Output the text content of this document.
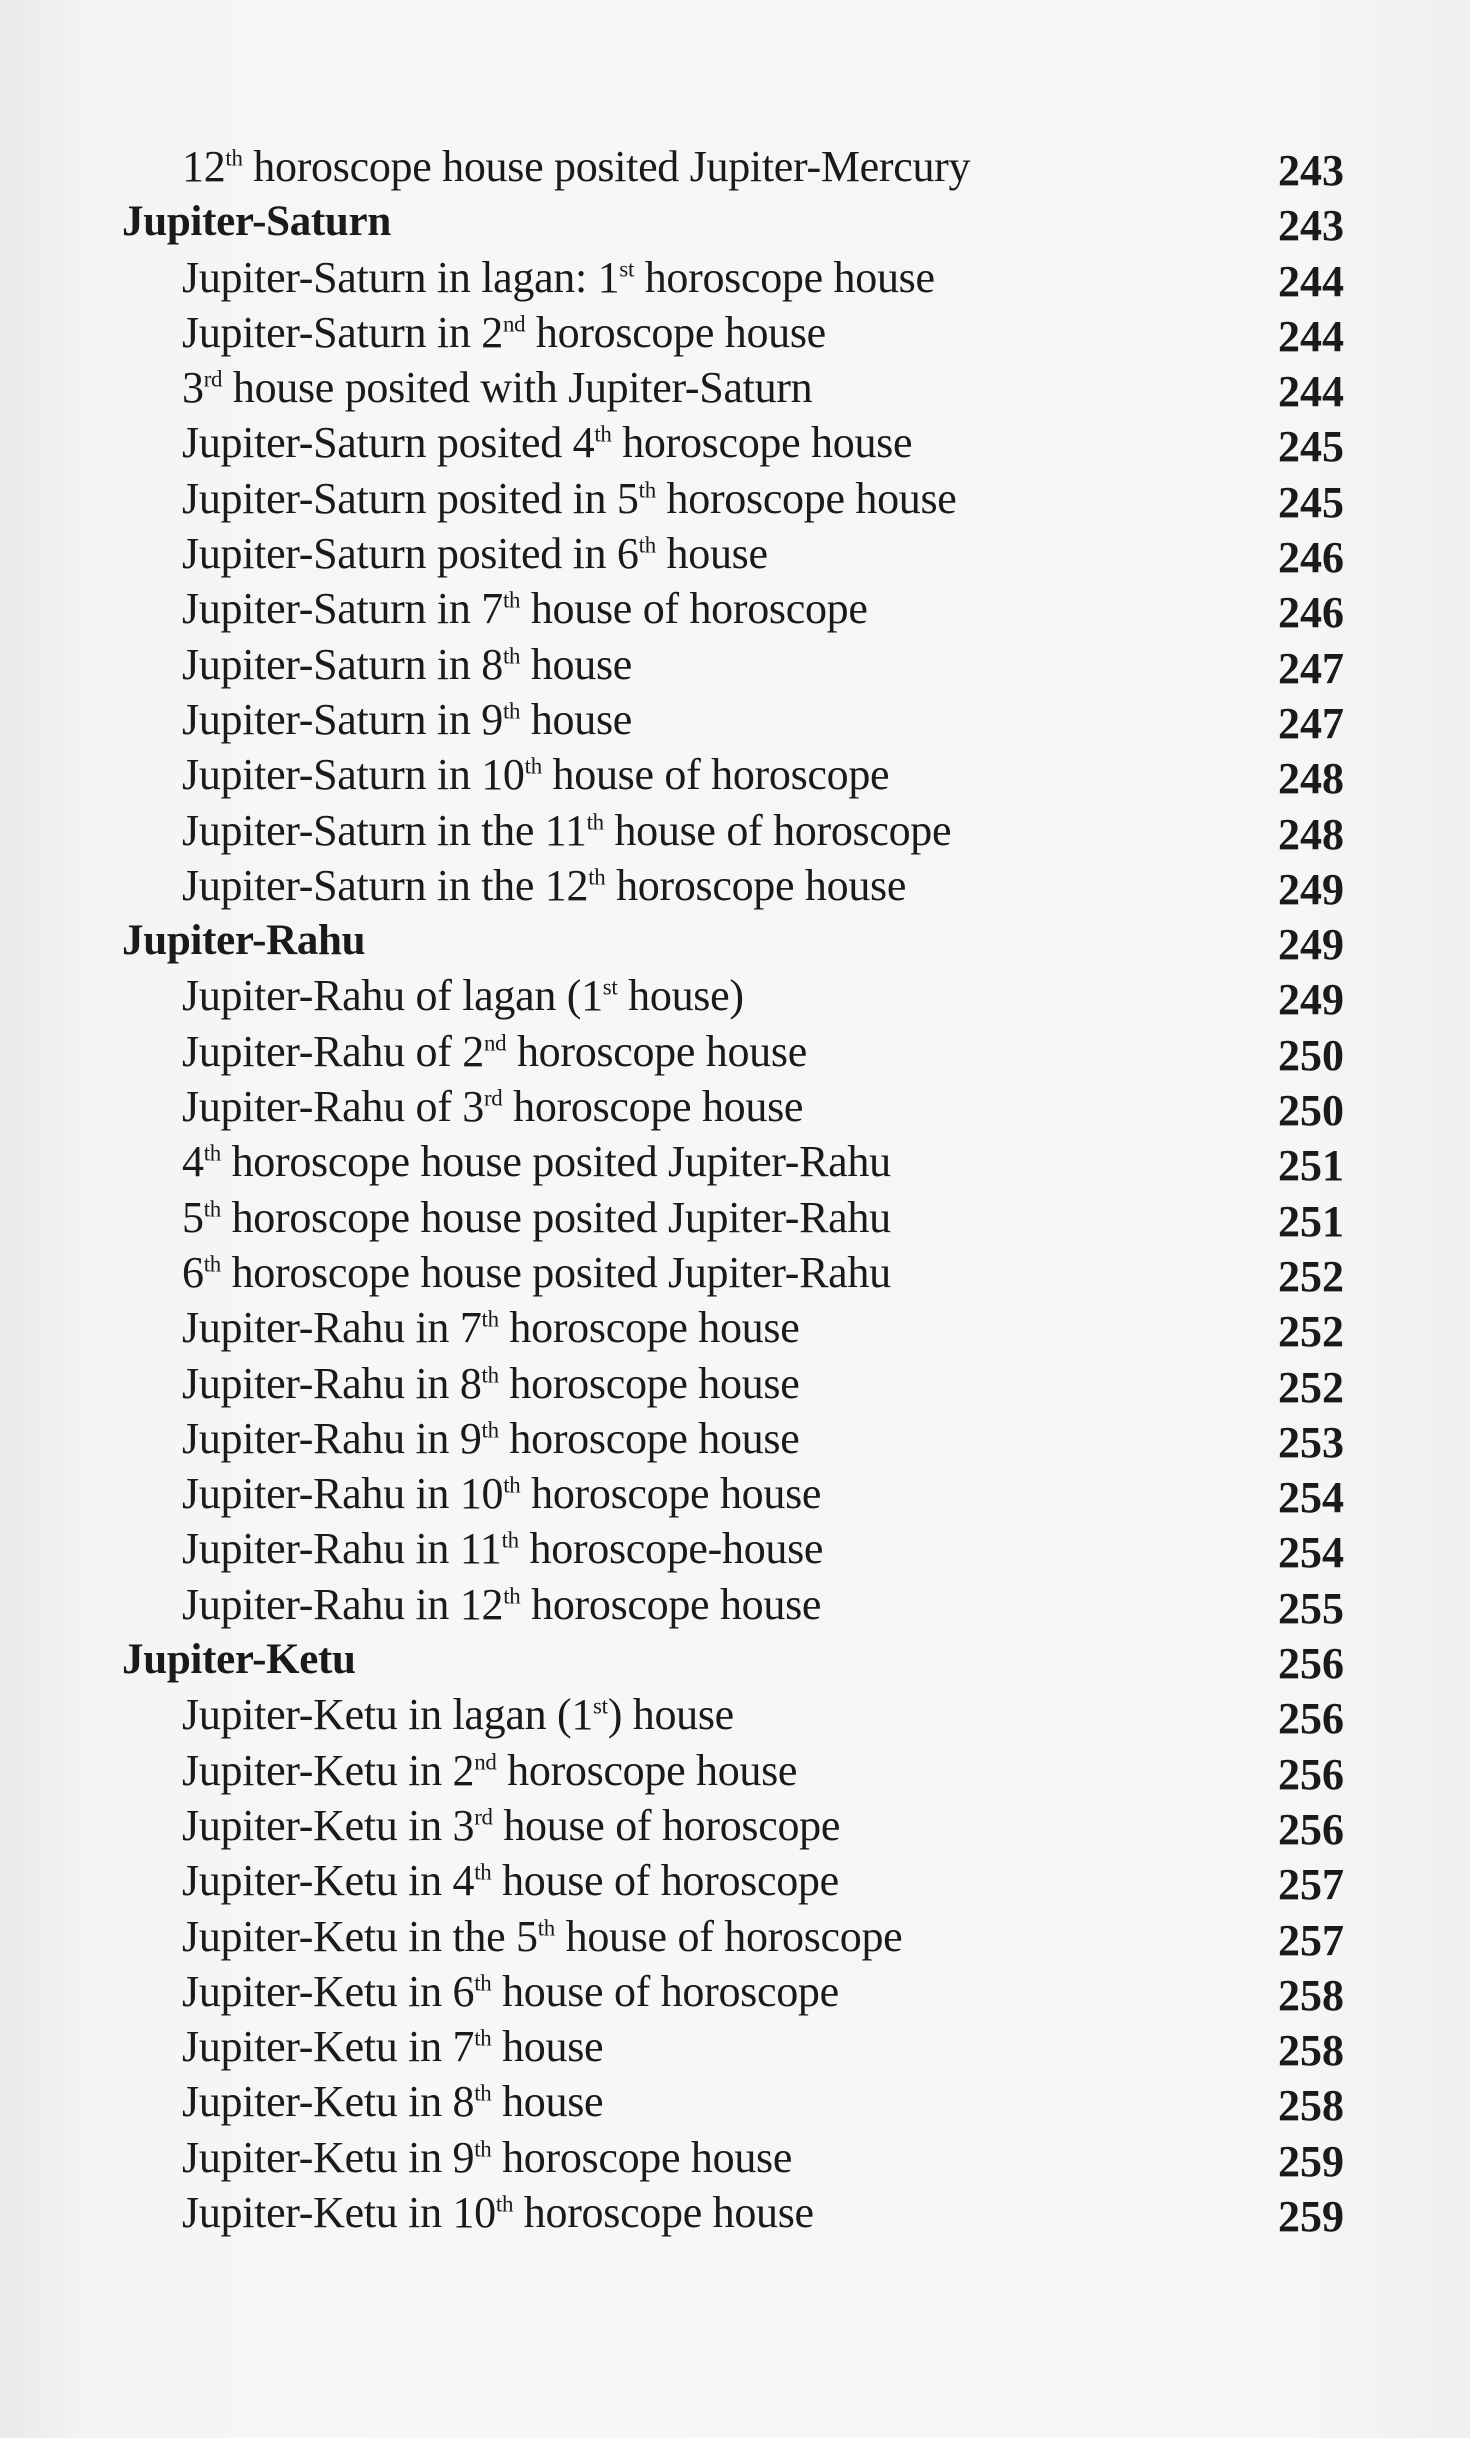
12th horoscope house posited Jupiter-Mercury	243
Jupiter-Saturn	243
Jupiter-Saturn in lagan: 1st horoscope house	244
Jupiter-Saturn in 2nd horoscope house	244
3rd house posited with Jupiter-Saturn	244
Jupiter-Saturn posited 4th horoscope house	245
Jupiter-Saturn posited in 5th horoscope house	245
Jupiter-Saturn posited in 6th house	246
Jupiter-Saturn in 7th house of horoscope	246
Jupiter-Saturn in 8th house	247
Jupiter-Saturn in 9th house	247
Jupiter-Saturn in 10th house of horoscope	248
Jupiter-Saturn in the 11th house of horoscope	248
Jupiter-Saturn in the 12th horoscope house	249
Jupiter-Rahu	249
Jupiter-Rahu of lagan (1st house)	249
Jupiter-Rahu of 2nd horoscope house	250
Jupiter-Rahu of 3rd horoscope house	250
4th horoscope house posited Jupiter-Rahu	251
5th horoscope house posited Jupiter-Rahu	251
6th horoscope house posited Jupiter-Rahu	252
Jupiter-Rahu in 7th horoscope house	252
Jupiter-Rahu in 8th horoscope house	252
Jupiter-Rahu in 9th horoscope house	253
Jupiter-Rahu in 10th horoscope house	254
Jupiter-Rahu in 11th horoscope-house	254
Jupiter-Rahu in 12th horoscope house	255
Jupiter-Ketu	256
Jupiter-Ketu in lagan (1st) house	256
Jupiter-Ketu in 2nd horoscope house	256
Jupiter-Ketu in 3rd house of horoscope	256
Jupiter-Ketu in 4th house of horoscope	257
Jupiter-Ketu in the 5th house of horoscope	257
Jupiter-Ketu in 6th house of horoscope	258
Jupiter-Ketu in 7th house	258
Jupiter-Ketu in 8th house	258
Jupiter-Ketu in 9th horoscope house	259
Jupiter-Ketu in 10th horoscope house	259
